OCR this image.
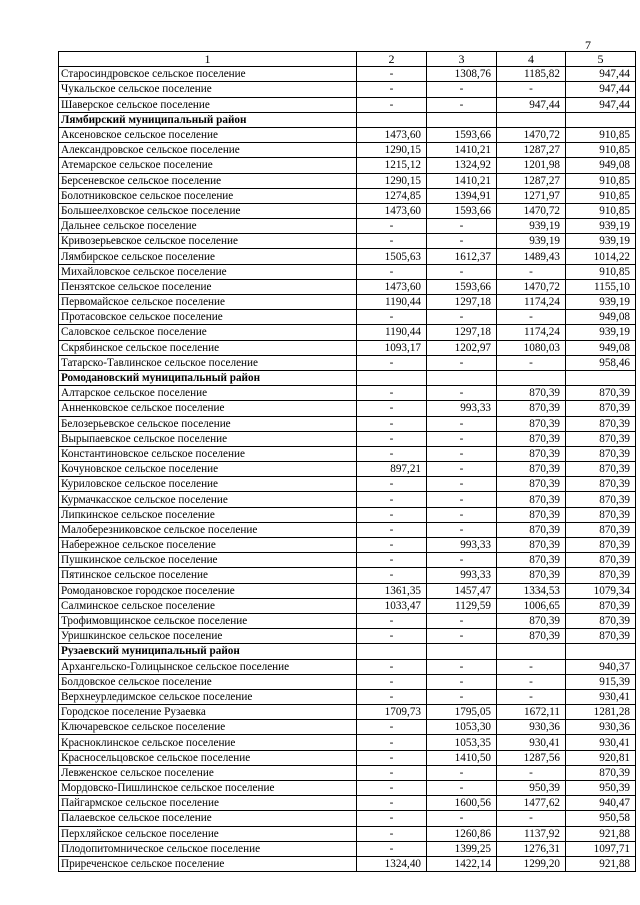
7
1	2	3	4	5
Старосиндровское сельское поселение	-	1308,76	1185,82	947,44
Чукальское сельское поселение	-	-	-	947,44
Шаверское сельское поселение	-	-	947,44	947,44
Лямбирский муниципальный район				
Аксеновское сельское поселение	1473,60	1593,66	1470,72	910,85
Александровское сельское поселение	1290,15	1410,21	1287,27	910,85
Атемарское сельское поселение	1215,12	1324,92	1201,98	949,08
Берсеневское сельское поселение	1290,15	1410,21	1287,27	910,85
Болотниковское сельское поселение	1274,85	1394,91	1271,97	910,85
Большеелховское сельское поселение	1473,60	1593,66	1470,72	910,85
Дальнее сельское поселение	-	-	939,19	939,19
Кривозерьевское сельское поселение	-	-	939,19	939,19
Лямбирское сельское поселение	1505,63	1612,37	1489,43	1014,22
Михайловское сельское поселение	-	-	-	910,85
Пензятское сельское поселение	1473,60	1593,66	1470,72	1155,10
Первомайское сельское поселение	1190,44	1297,18	1174,24	939,19
Протасовское сельское поселение	-	-	-	949,08
Саловское сельское поселение	1190,44	1297,18	1174,24	939,19
Скрябинское сельское поселение	1093,17	1202,97	1080,03	949,08
Татарско-Тавлинское сельское поселение	-	-	-	958,46
Ромодановский муниципальный район				
Алтарское сельское поселение	-	-	870,39	870,39
Анненковское сельское поселение	-	993,33	870,39	870,39
Белозерьевское сельское поселение	-	-	870,39	870,39
Вырыпаевское сельское поселение	-	-	870,39	870,39
Константиновское сельское поселение	-	-	870,39	870,39
Кочуновское сельское поселение	897,21	-	870,39	870,39
Куриловское сельское поселение	-	-	870,39	870,39
Курмачкасское сельское поселение	-	-	870,39	870,39
Липкинское сельское поселение	-	-	870,39	870,39
Малоберезниковское сельское поселение	-	-	870,39	870,39
Набережное сельское поселение	-	993,33	870,39	870,39
Пушкинское сельское поселение	-	-	870,39	870,39
Пятинское сельское поселение	-	993,33	870,39	870,39
Ромодановское городское поселение	1361,35	1457,47	1334,53	1079,34
Салминское сельское поселение	1033,47	1129,59	1006,65	870,39
Трофимовщинское сельское поселение	-	-	870,39	870,39
Уришкинское сельское поселение	-	-	870,39	870,39
Рузаевский муниципальный район				
Архангельско-Голицынское сельское поселение	-	-	-	940,37
Болдовское сельское поселение	-	-	-	915,39
Верхнеурледимское сельское поселение	-	-	-	930,41
Городское поселение Рузаевка	1709,73	1795,05	1672,11	1281,28
Ключаревское сельское поселение	-	1053,30	930,36	930,36
Красноклинское сельское поселение	-	1053,35	930,41	930,41
Красносельцовское сельское поселение	-	1410,50	1287,56	920,81
Левженское сельское поселение	-	-	-	870,39
Мордовско-Пишлинское сельское поселение	-	-	950,39	950,39
Пайгармское сельское поселение	-	1600,56	1477,62	940,47
Палаевское сельское поселение	-	-	-	950,58
Перхляйское сельское поселение	-	1260,86	1137,92	921,88
Плодопитомническое сельское поселение	-	1399,25	1276,31	1097,71
Приреченское сельское поселение	1324,40	1422,14	1299,20	921,88
